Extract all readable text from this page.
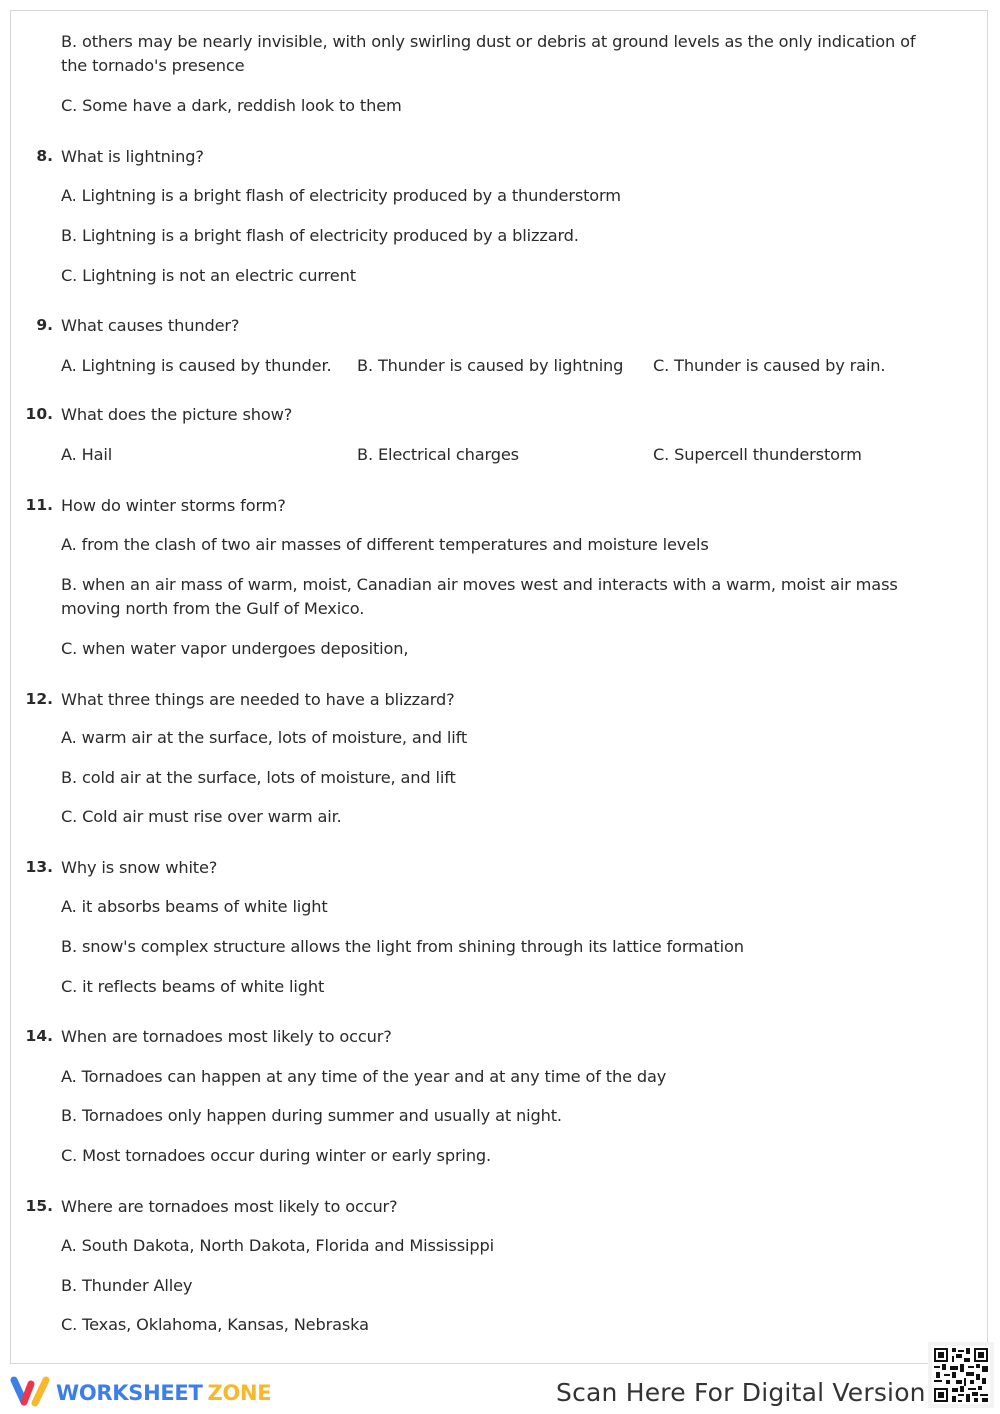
B. others may be nearly invisible, with only swirling dust or debris at ground levels as the only indication of the tornado's presence
C. Some have a dark, reddish look to them
8. What is lightning?
A. Lightning is a bright flash of electricity produced by a thunderstorm
B. Lightning is a bright flash of electricity produced by a blizzard.
C. Lightning is not an electric current
9. What causes thunder?
A. Lightning is caused by thunder. B. Thunder is caused by lightning C. Thunder is caused by rain.
10. What does the picture show?
A. Hail	B. Electrical charges	C. Supercell thunderstorm
11. How do winter storms form?
A. from the clash of two air masses of different temperatures and moisture levels
B. when an air mass of warm, moist, Canadian air moves west and interacts with a warm, moist air mass moving north from the Gulf of Mexico.
C. when water vapor undergoes deposition,
12. What three things are needed to have a blizzard?
A. warm air at the surface, lots of moisture, and lift
B. cold air at the surface, lots of moisture, and lift
C. Cold air must rise over warm air.
13. Why is snow white?
A. it absorbs beams of white light
B. snow's complex structure allows the light from shining through its lattice formation
C. it reflects beams of white light
14. When are tornadoes most likely to occur?
A. Tornadoes can happen at any time of the year and at any time of the day
B. Tornadoes only happen during summer and usually at night.
C. Most tornadoes occur during winter or early spring.
15. Where are tornadoes most likely to occur?
A. South Dakota, North Dakota, Florida and Mississippi
B. Thunder Alley
C. Texas, Oklahoma, Kansas, Nebraska
WORKSHEET ZONE	Scan Here For Digital Version
